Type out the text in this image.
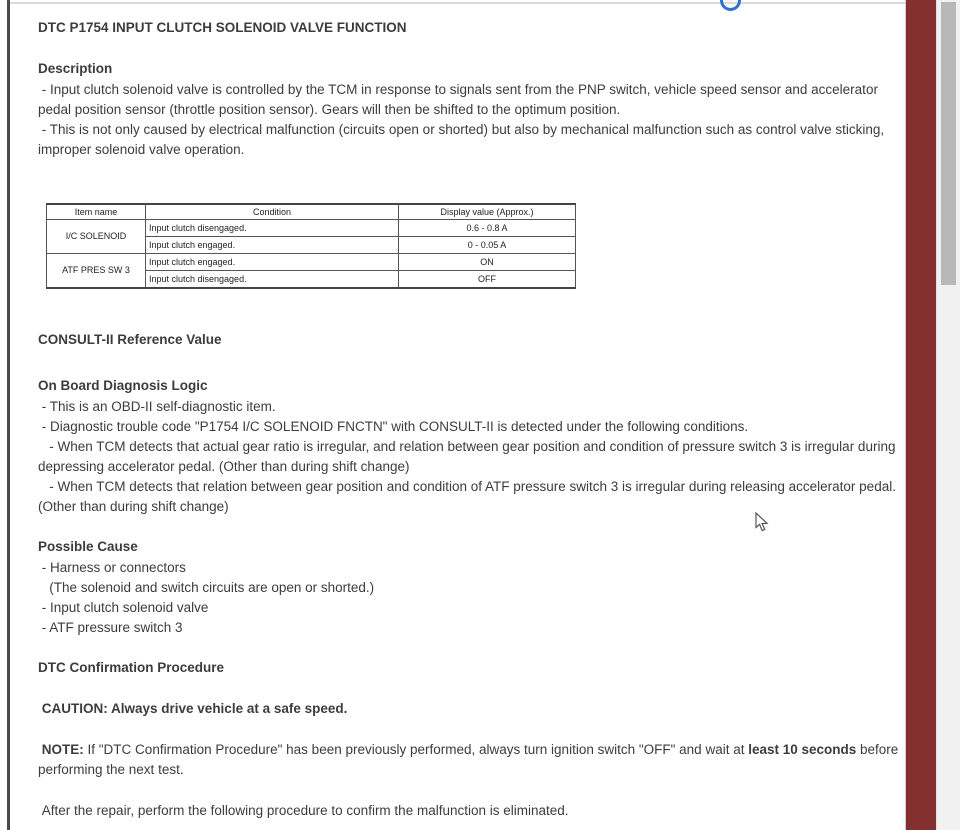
DTC P1754 INPUT CLUTCH SOLENOID VALVE FUNCTION
Description
- Input clutch solenoid valve is controlled by the TCM in response to signals sent from the PNP switch, vehicle speed sensor and accelerator pedal position sensor (throttle position sensor). Gears will then be shifted to the optimum position.
- This is not only caused by electrical malfunction (circuits open or shorted) but also by mechanical malfunction such as control valve sticking, improper solenoid valve operation.
Item name	Condition	Display value (Approx.)
I/C SOLENOID	Input clutch disengaged.	0.6 - 0.8 A
	Input clutch engaged.	0 - 0.05 A
ATF PRES SW 3	Input clutch engaged.	ON
	Input clutch disengaged.	OFF
CONSULT-II Reference Value
On Board Diagnosis Logic
- This is an OBD-II self-diagnostic item.
- Diagnostic trouble code "P1754 I/C SOLENOID FNCTN" with CONSULT-II is detected under the following conditions.
- When TCM detects that actual gear ratio is irregular, and relation between gear position and condition of pressure switch 3 is irregular during depressing accelerator pedal. (Other than during shift change)
- When TCM detects that relation between gear position and condition of ATF pressure switch 3 is irregular during releasing accelerator pedal. (Other than during shift change)
Possible Cause
- Harness or connectors
(The solenoid and switch circuits are open or shorted.)
- Input clutch solenoid valve
- ATF pressure switch 3
DTC Confirmation Procedure
CAUTION: Always drive vehicle at a safe speed.
NOTE: If "DTC Confirmation Procedure" has been previously performed, always turn ignition switch "OFF" and wait at least 10 seconds before performing the next test.
After the repair, perform the following procedure to confirm the malfunction is eliminated.
